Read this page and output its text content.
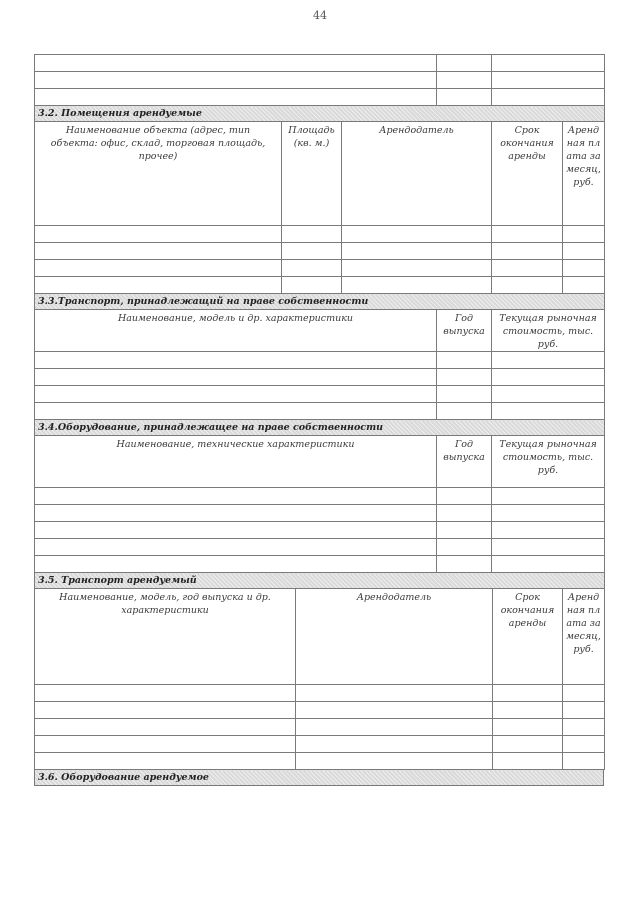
44

3.2. Помещения арендуемые				
Наименование объекта (адрес, тип объекта: офис, склад, торговая площадь, прочее)	Площадь (кв. м.)	Арендодатель	Срок окончания аренды	Арендная плата за месяц, руб.

3.3.Транспорт, принадлежащий на праве собственности		
Наименование, модель и др. характеристики	Год выпуска	Текущая рыночная стоимость, тыс. руб.

3.4.Оборудование, принадлежащее на праве собственности		
Наименование, технические характеристики	Год выпуска	Текущая рыночная стоимость, тыс. руб.

3.5. Транспорт арендуемый			
Наименование, модель, год выпуска и др. характеристики	Арендодатель	Срок окончания аренды	Арендная плата за месяц, руб.

3.6. Оборудование арендуемое
